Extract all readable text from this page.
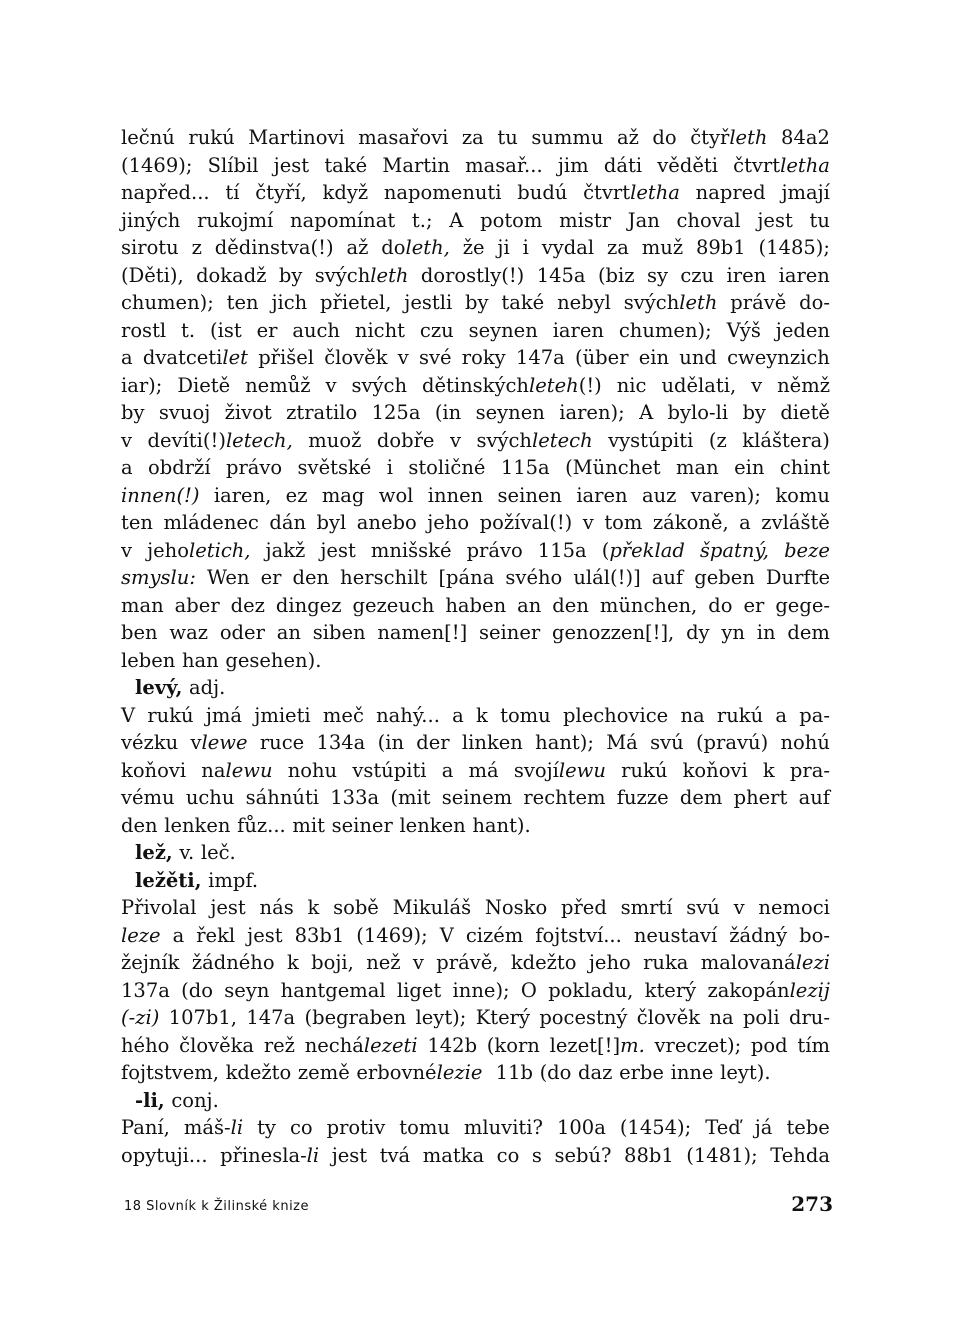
lečnú rukú Martinovi masařovi za tu summu až do čtyřleth 84a2
(1469); Slíbil jest také Martin masař... jim dáti věděti čtvrtletha
napřed... tí čtyří, když napomenuti budú čtvrtletha napred jmají
jiných rukojmí napomínat t.; A potom mistr Jan choval jest tu
sirotu z dědinstva(!) až doleth, že ji i vydal za muž 89b1 (1485);
(Děti), dokadž by svýchleth dorostly(!) 145a (biz sy czu iren iaren
chumen); ten jich přietel, jestli by také nebyl svýchleth právě do-
rostl t. (ist er auch nicht czu seynen iaren chumen); Výš jeden
a dvatcetilet přišel člověk v své roky 147a (über ein und cweynzich
iar); Dietě nemůž v svých dětinskýchleteh(!) nic udělati, v němž
by svuoj život ztratilo 125a (in seynen iaren); A bylo-li by dietě
v devíti(!)letech, muož dobře v svýchletech vystúpiti (z kláštera)
a obdrží právo světské i stoličné 115a (Münchet man ein chint
innen(!) iaren, ez mag wol innen seinen iaren auz varen); komu
ten mládenec dán byl anebo jeho požíval(!) v tom zákoně, a zvláště
v jeholetich, jakž jest mnišské právo 115a (překlad špatný, beze
smyslu: Wen er den herschilt [pána svého ulál(!)] auf geben Durfte
man aber dez dingez gezeuch haben an den münchen, do er gege-
ben waz oder an siben namen[!] seiner genozzen[!], dy yn in dem
leben han gesehen).
levý, adj.
V rukú jmá jmieti meč nahý... a k tomu plechovice na rukú a pa-
vézku vlewe ruce 134a (in der linken hant); Má svú (pravú) nohú
koňovi nalewu nohu vstúpiti a má svojílewu rukú koňovi k pra-
vému uchu sáhnúti 133a (mit seinem rechtem fuzze dem phert auf
den lenken fůz... mit seiner lenken hant).
lež, v. leč.
ležěti, impf.
Přivolal jest nás k sobě Mikuláš Nosko před smrtí svú v nemoci
leze a řekl jest 83b1 (1469); V cizém fojtství... neustaví žádný bo-
žejník žádného k boji, než v právě, kdežto jeho ruka malovanálezi
137a (do seyn hantgemal liget inne); O pokladu, který zakopánlezij
(-zi) 107b1, 147a (begraben leyt); Který pocestný člověk na poli dru-
hého člověka rež nechálezeti 142b (korn lezet[!]m. vreczet); pod tím
fojtstvem, kdežto země erbovnélezie 11b (do daz erbe inne leyt).
-li, conj.
Paní, máš-li ty co protiv tomu mluviti? 100a (1454); Teď já tebe
opytuji... přinesla-li jest tvá matka co s sebú? 88b1 (1481); Tehda
18 Slovník k Žilinské knize	273
